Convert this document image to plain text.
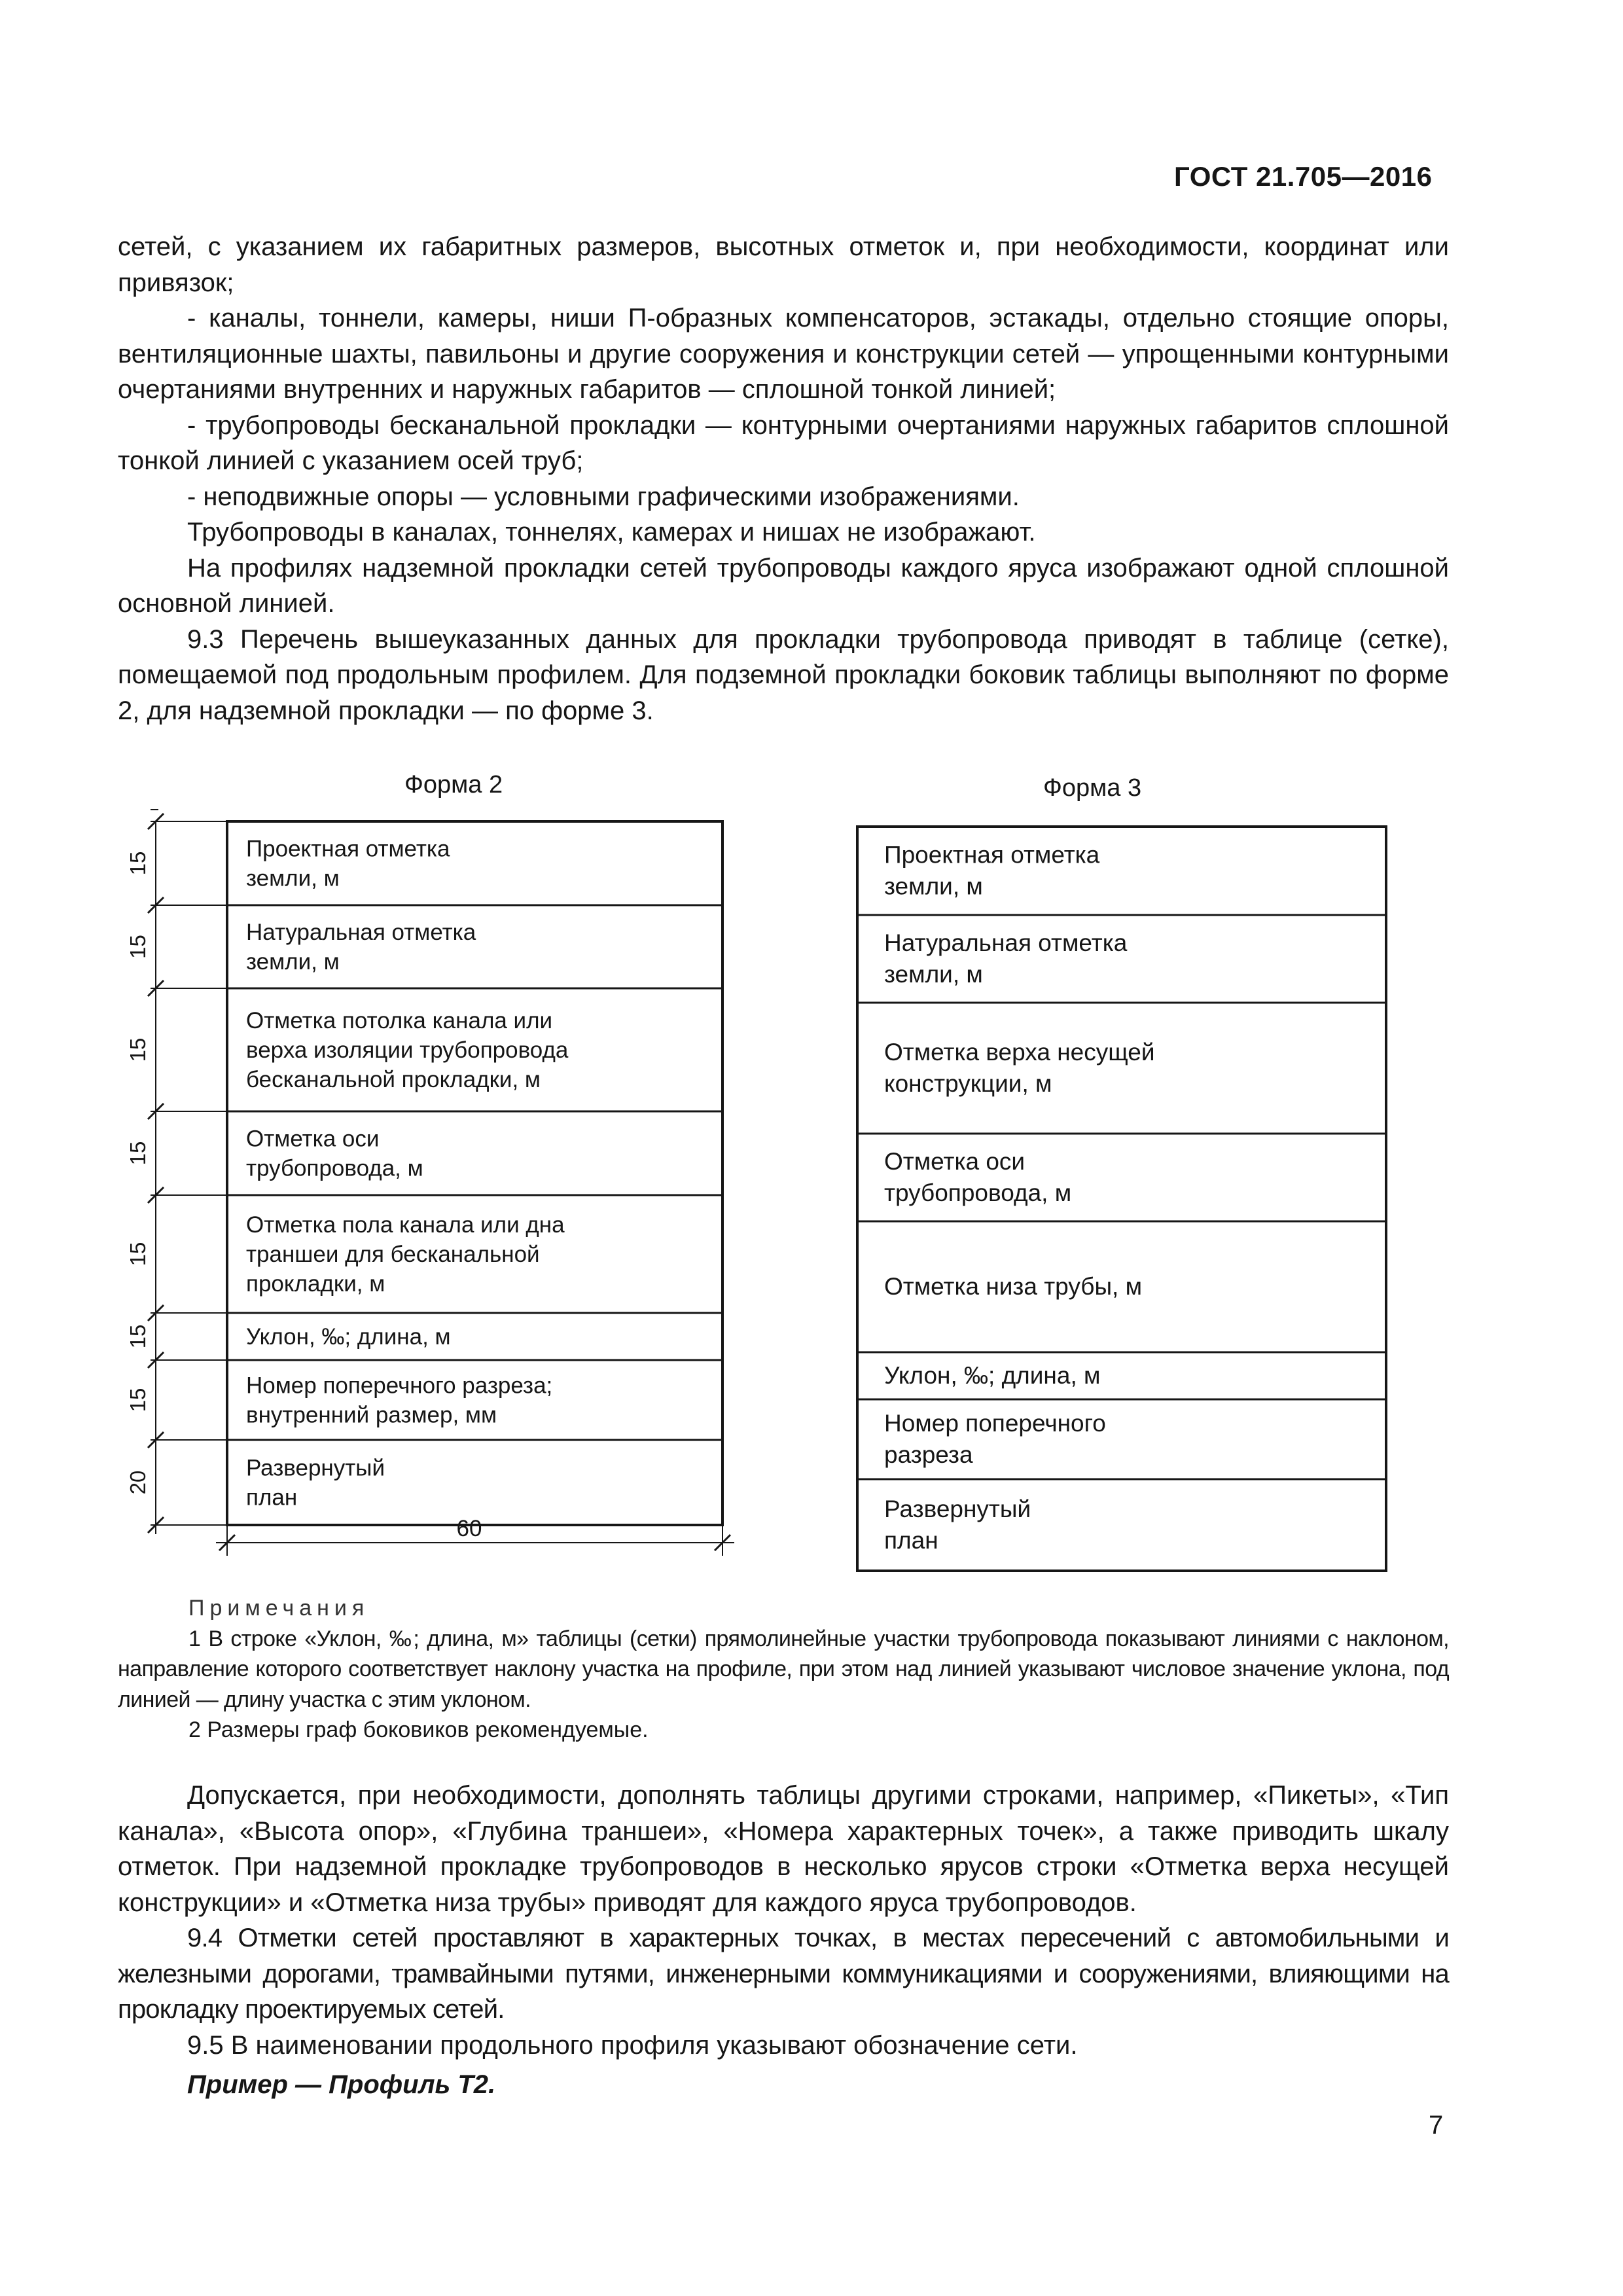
ГОСТ 21.705—2016

сетей, с указанием их габаритных размеров, высотных отметок и, при необходимости, координат или привязок;

- каналы, тоннели, камеры, ниши П-образных компенсаторов, эстакады, отдельно стоящие опоры, вентиляционные шахты, павильоны и другие сооружения и конструкции сетей — упрощенными контурными очертаниями внутренних и наружных габаритов — сплошной тонкой линией;

- трубопроводы бесканальной прокладки — контурными очертаниями наружных габаритов сплошной тонкой линией с указанием осей труб;

- неподвижные опоры — условными графическими изображениями.

Трубопроводы в каналах, тоннелях, камерах и нишах не изображают.

На профилях надземной прокладки сетей трубопроводы каждого яруса изображают одной сплошной основной линией.

9.3 Перечень вышеуказанных данных для прокладки трубопровода приводят в таблице (сетке), помещаемой под продольным профилем. Для подземной прокладки боковик таблицы выполняют по форме 2, для надземной прокладки — по форме 3.

Форма 2	Форма 3
Проектная отметка
земли, м
15
Натуральная отметка
земли, м
15
Отметка потолка канала или
верха изоляции трубопровода
бесканальной прокладки, м
15
Отметка оси
трубопровода, м
15
Отметка пола канала или дна
траншеи для бесканальной
прокладки, м
15
Уклон, ‰; длина, м
15
Номер поперечного разреза;
внутренний размер, мм
15
Развернутый
план
20
60
Проектная отметка
земли, м
Натуральная отметка
земли, м
Отметка верха несущей
конструкции, м
Отметка оси
трубопровода, м
Отметка низа трубы, м
Уклон, ‰; длина, м
Номер поперечного
разреза
Развернутый
план

Примечания

1 В строке «Уклон, ‰; длина, м» таблицы (сетки) прямолинейные участки трубопровода показывают линиями с наклоном, направление которого соответствует наклону участка на профиле, при этом над линией указывают числовое значение уклона, под линией — длину участка с этим уклоном.

2 Размеры граф боковиков рекомендуемые.

Допускается, при необходимости, дополнять таблицы другими строками, например, «Пикеты», «Тип канала», «Высота опор», «Глубина траншеи», «Номера характерных точек», а также приводить шкалу отметок. При надземной прокладке трубопроводов в несколько ярусов строки «Отметка верха несущей конструкции» и «Отметка низа трубы» приводят для каждого яруса трубопроводов.

9.4 Отметки сетей проставляют в характерных точках, в местах пересечений с автомобильными и железными дорогами, трамвайными путями, инженерными коммуникациями и сооружениями, влияющими на прокладку проектируемых сетей.

9.5 В наименовании продольного профиля указывают обозначение сети.

Пример — Профиль Т2.

7
